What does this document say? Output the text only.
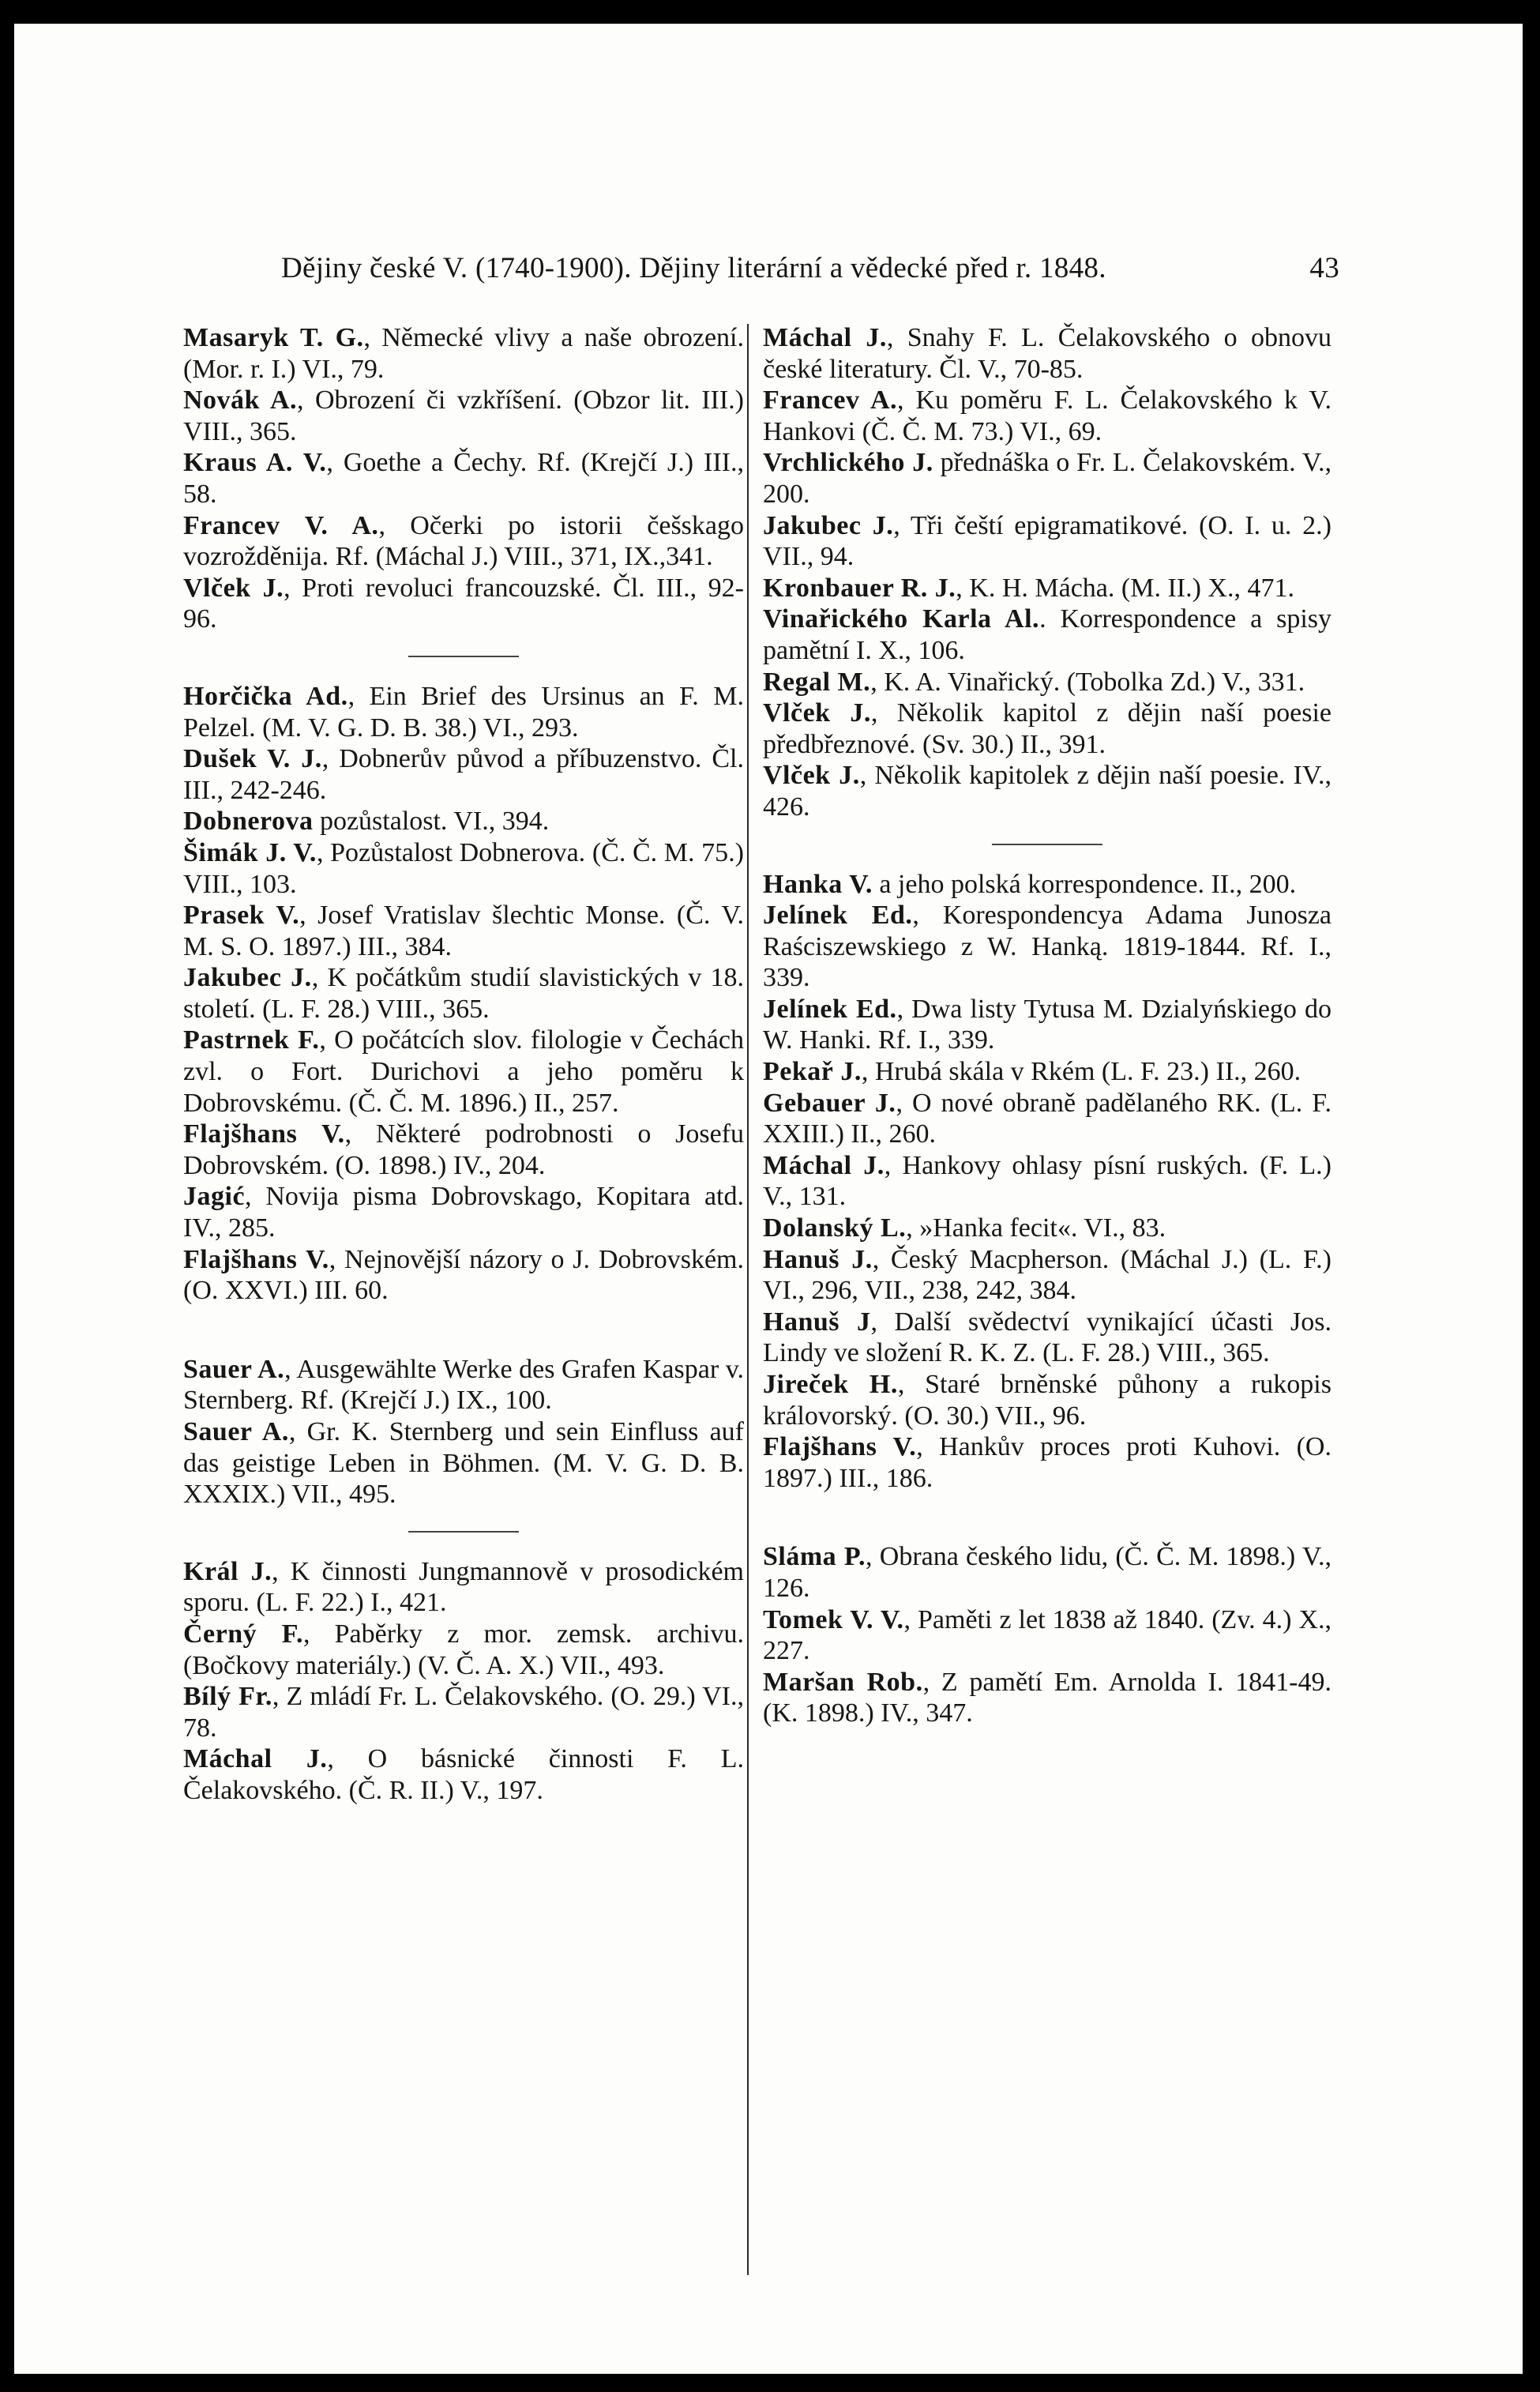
Dějiny české V. (1740-1900). Dějiny literární a vědecké před r. 1848.	43

Masaryk T. G., Německé vlivy a naše obrození. (Mor. r. I.) VI., 79.

Novák A., Obrození či vzkříšení. (Obzor lit. III.) VIII., 365.

Kraus A. V., Goethe a Čechy. Rf. (Krejčí J.) III., 58.

Francev V. A., Očerki po istorii češskago vozrožděnija. Rf. (Máchal J.) VIII., 371, IX.,341.

Vlček J., Proti revoluci francouzské. Čl. III., 92-96.

Horčička Ad., Ein Brief des Ursinus an F. M. Pelzel. (M. V. G. D. B. 38.) VI., 293.

Dušek V. J., Dobnerův původ a příbuzenstvo. Čl. III., 242-246.

Dobnerova pozůstalost. VI., 394.

Šimák J. V., Pozůstalost Dobnerova. (Č. Č. M. 75.) VIII., 103.

Prasek V., Josef Vratislav šlechtic Monse. (Č. V. M. S. O. 1897.) III., 384.

Jakubec J., K počátkům studií slavistických v 18. století. (L. F. 28.) VIII., 365.

Pastrnek F., O počátcích slov. filologie v Čechách zvl. o Fort. Durichovi a jeho poměru k Dobrovskému. (Č. Č. M. 1896.) II., 257.

Flajšhans V., Některé podrobnosti o Josefu Dobrovském. (O. 1898.) IV., 204.

Jagić, Novija pisma Dobrovskago, Kopitara atd. IV., 285.

Flajšhans V., Nejnovější názory o J. Dobrovském. (O. XXVI.) III. 60.

Sauer A., Ausgewählte Werke des Grafen Kaspar v. Sternberg. Rf. (Krejčí J.) IX., 100.

Sauer A., Gr. K. Sternberg und sein Einfluss auf das geistige Leben in Böhmen. (M. V. G. D. B. XXXIX.) VII., 495.

Král J., K činnosti Jungmannově v prosodickém sporu. (L. F. 22.) I., 421.

Černý F., Paběrky z mor. zemsk. archivu. (Bočkovy materiály.) (V. Č. A. X.) VII., 493.

Bílý Fr., Z mládí Fr. L. Čelakovského. (O. 29.) VI., 78.

Máchal J., O básnické činnosti F. L. Čelakovského. (Č. R. II.) V., 197.

Máchal J., Snahy F. L. Čelakovského o obnovu české literatury. Čl. V., 70-85.

Francev A., Ku poměru F. L. Čelakovského k V. Hankovi (Č. Č. M. 73.) VI., 69.

Vrchlického J. přednáška o Fr. L. Čelakovském. V., 200.

Jakubec J., Tři čeští epigramatikové. (O. I. u. 2.) VII., 94.

Kronbauer R. J., K. H. Mácha. (M. II.) X., 471.

Vinařického Karla Al.. Korrespondence a spisy pamětní I. X., 106.

Regal M., K. A. Vinařický. (Tobolka Zd.) V., 331.

Vlček J., Několik kapitol z dějin naší poesie předbřeznové. (Sv. 30.) II., 391.

Vlček J., Několik kapitolek z dějin naší poesie. IV., 426.

Hanka V. a jeho polská korrespondence. II., 200.

Jelínek Ed., Korespondencya Adama Junosza Raściszewskiego z W. Hanką. 1819-1844. Rf. I., 339.

Jelínek Ed., Dwa listy Tytusa M. Dzialyńskiego do W. Hanki. Rf. I., 339.

Pekař J., Hrubá skála v Rkém (L. F. 23.) II., 260.

Gebauer J., O nové obraně padělaného RK. (L. F. XXIII.) II., 260.

Máchal J., Hankovy ohlasy písní ruských. (F. L.) V., 131.

Dolanský L., »Hanka fecit«. VI., 83.

Hanuš J., Český Macpherson. (Máchal J.) (L. F.) VI., 296, VII., 238, 242, 384.

Hanuš J, Další svědectví vynikající účasti Jos. Lindy ve složení R. K. Z. (L. F. 28.) VIII., 365.

Jireček H., Staré brněnské půhony a rukopis královorský. (O. 30.) VII., 96.

Flajšhans V., Hankův proces proti Kuhovi. (O. 1897.) III., 186.

Sláma P., Obrana českého lidu, (Č. Č. M. 1898.) V., 126.

Tomek V. V., Paměti z let 1838 až 1840. (Zv. 4.) X., 227.

Maršan Rob., Z pamětí Em. Arnolda I. 1841-49. (K. 1898.) IV., 347.
